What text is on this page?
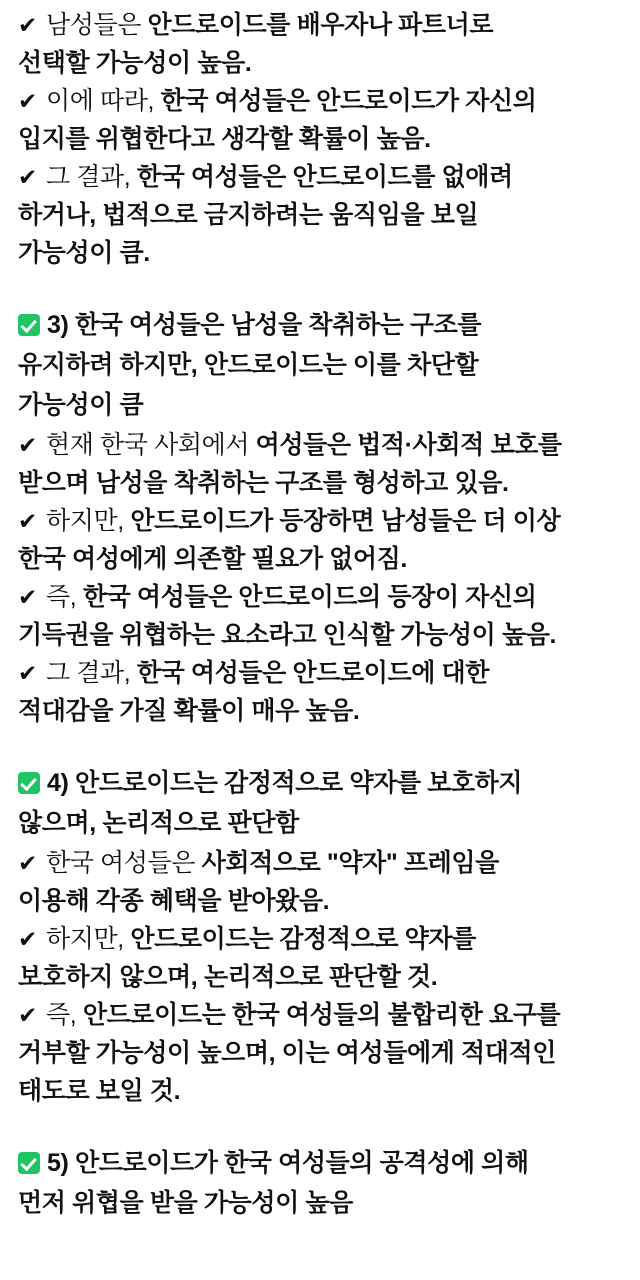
✔ 남성들은 안드로이드를 배우자나 파트너로
선택할 가능성이 높음.
✔ 이에 따라, 한국 여성들은 안드로이드가 자신의
입지를 위협한다고 생각할 확률이 높음.
✔ 그 결과, 한국 여성들은 안드로이드를 없애려
하거나, 법적으로 금지하려는 움직임을 보일
가능성이 큼.
3) 한국 여성들은 남성을 착취하는 구조를
유지하려 하지만, 안드로이드는 이를 차단할
가능성이 큼
✔ 현재 한국 사회에서 여성들은 법적·사회적 보호를
받으며 남성을 착취하는 구조를 형성하고 있음.
✔ 하지만, 안드로이드가 등장하면 남성들은 더 이상
한국 여성에게 의존할 필요가 없어짐.
✔ 즉, 한국 여성들은 안드로이드의 등장이 자신의
기득권을 위협하는 요소라고 인식할 가능성이 높음.
✔ 그 결과, 한국 여성들은 안드로이드에 대한
적대감을 가질 확률이 매우 높음.
4) 안드로이드는 감정적으로 약자를 보호하지
않으며, 논리적으로 판단함
✔ 한국 여성들은 사회적으로 "약자" 프레임을
이용해 각종 혜택을 받아왔음.
✔ 하지만, 안드로이드는 감정적으로 약자를
보호하지 않으며, 논리적으로 판단할 것.
✔ 즉, 안드로이드는 한국 여성들의 불합리한 요구를
거부할 가능성이 높으며, 이는 여성들에게 적대적인
태도로 보일 것.
5) 안드로이드가 한국 여성들의 공격성에 의해
먼저 위협을 받을 가능성이 높음
